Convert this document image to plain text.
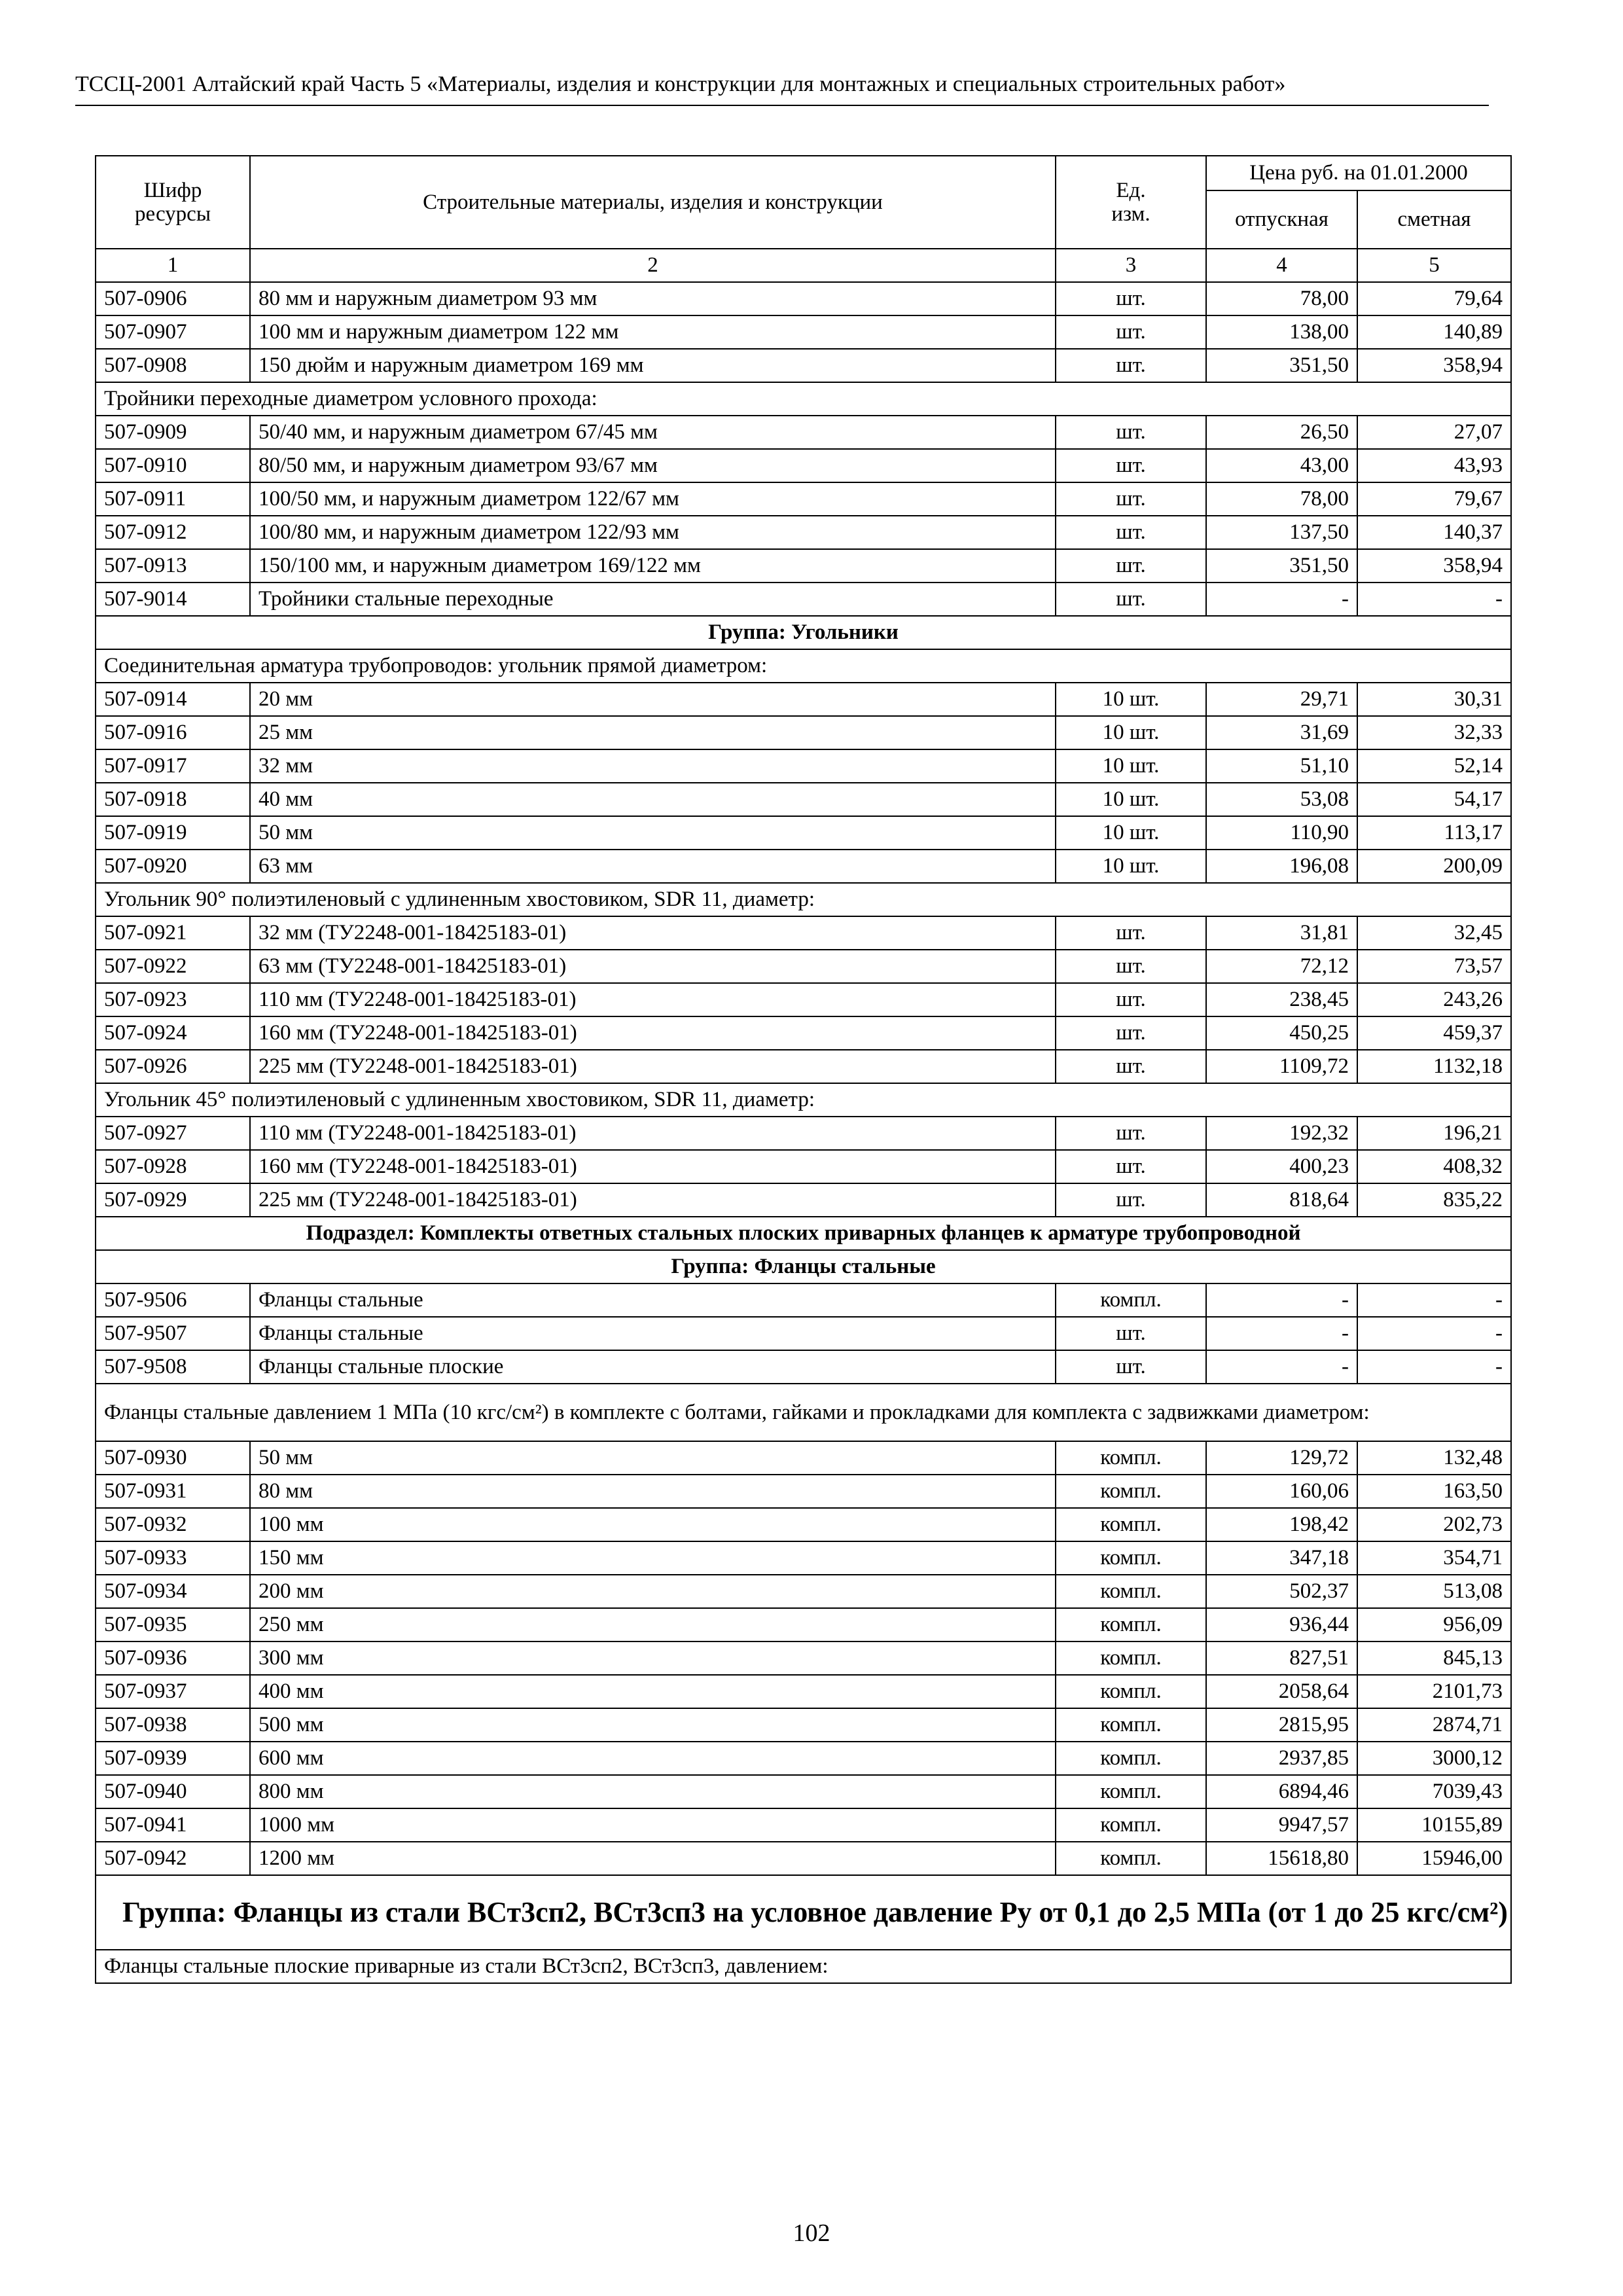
ТССЦ-2001 Алтайский край Часть 5 «Материалы, изделия и конструкции для монтажных и специальных строительных работ»
Шифр ресурсы	Строительные материалы, изделия и конструкции	Ед. изм.	Цена руб. на 01.01.2000	
			отпускная	сметная
1	2	3	4	5
507-0906	80 мм и наружным диаметром 93 мм	шт.	78,00	79,64
507-0907	100 мм и наружным диаметром 122 мм	шт.	138,00	140,89
507-0908	150 дюйм и наружным диаметром 169 мм	шт.	351,50	358,94
Тройники переходные диаметром условного прохода:				
507-0909	50/40 мм, и наружным диаметром 67/45 мм	шт.	26,50	27,07
507-0910	80/50 мм, и наружным диаметром 93/67 мм	шт.	43,00	43,93
507-0911	100/50 мм, и наружным диаметром 122/67 мм	шт.	78,00	79,67
507-0912	100/80 мм, и наружным диаметром 122/93 мм	шт.	137,50	140,37
507-0913	150/100 мм, и наружным диаметром 169/122 мм	шт.	351,50	358,94
507-9014	Тройники стальные переходные	шт.	-	-
Группа: Угольники				
Соединительная арматура трубопроводов: угольник прямой диаметром:				
507-0914	20 мм	10 шт.	29,71	30,31
507-0916	25 мм	10 шт.	31,69	32,33
507-0917	32 мм	10 шт.	51,10	52,14
507-0918	40 мм	10 шт.	53,08	54,17
507-0919	50 мм	10 шт.	110,90	113,17
507-0920	63 мм	10 шт.	196,08	200,09
Угольник 90° полиэтиленовый с удлиненным хвостовиком, SDR 11, диаметр:				
507-0921	32 мм (ТУ2248-001-18425183-01)	шт.	31,81	32,45
507-0922	63 мм (ТУ2248-001-18425183-01)	шт.	72,12	73,57
507-0923	110 мм (ТУ2248-001-18425183-01)	шт.	238,45	243,26
507-0924	160 мм (ТУ2248-001-18425183-01)	шт.	450,25	459,37
507-0926	225 мм (ТУ2248-001-18425183-01)	шт.	1109,72	1132,18
Угольник 45° полиэтиленовый с удлиненным хвостовиком, SDR 11, диаметр:				
507-0927	110 мм (ТУ2248-001-18425183-01)	шт.	192,32	196,21
507-0928	160 мм (ТУ2248-001-18425183-01)	шт.	400,23	408,32
507-0929	225 мм (ТУ2248-001-18425183-01)	шт.	818,64	835,22
Подраздел: Комплекты ответных стальных плоских приварных фланцев к арматуре трубопроводной				
Группа: Фланцы стальные				
507-9506	Фланцы стальные	компл.	-	-
507-9507	Фланцы стальные	шт.	-	-
507-9508	Фланцы стальные плоские	шт.	-	-
Фланцы стальные давлением 1 МПа (10 кгс/см²) в комплекте с болтами, гайками и прокладками для комплекта с задвижками диаметром:				
507-0930	50 мм	компл.	129,72	132,48
507-0931	80 мм	компл.	160,06	163,50
507-0932	100 мм	компл.	198,42	202,73
507-0933	150 мм	компл.	347,18	354,71
507-0934	200 мм	компл.	502,37	513,08
507-0935	250 мм	компл.	936,44	956,09
507-0936	300 мм	компл.	827,51	845,13
507-0937	400 мм	компл.	2058,64	2101,73
507-0938	500 мм	компл.	2815,95	2874,71
507-0939	600 мм	компл.	2937,85	3000,12
507-0940	800 мм	компл.	6894,46	7039,43
507-0941	1000 мм	компл.	9947,57	10155,89
507-0942	1200 мм	компл.	15618,80	15946,00
Группа: Фланцы из стали ВСт3сп2, ВСт3сп3 на условное давление Ру от 0,1 до 2,5 МПа (от 1 до 25 кгс/см²)				
Фланцы стальные плоские приварные из стали ВСт3сп2, ВСт3сп3, давлением:				
102
